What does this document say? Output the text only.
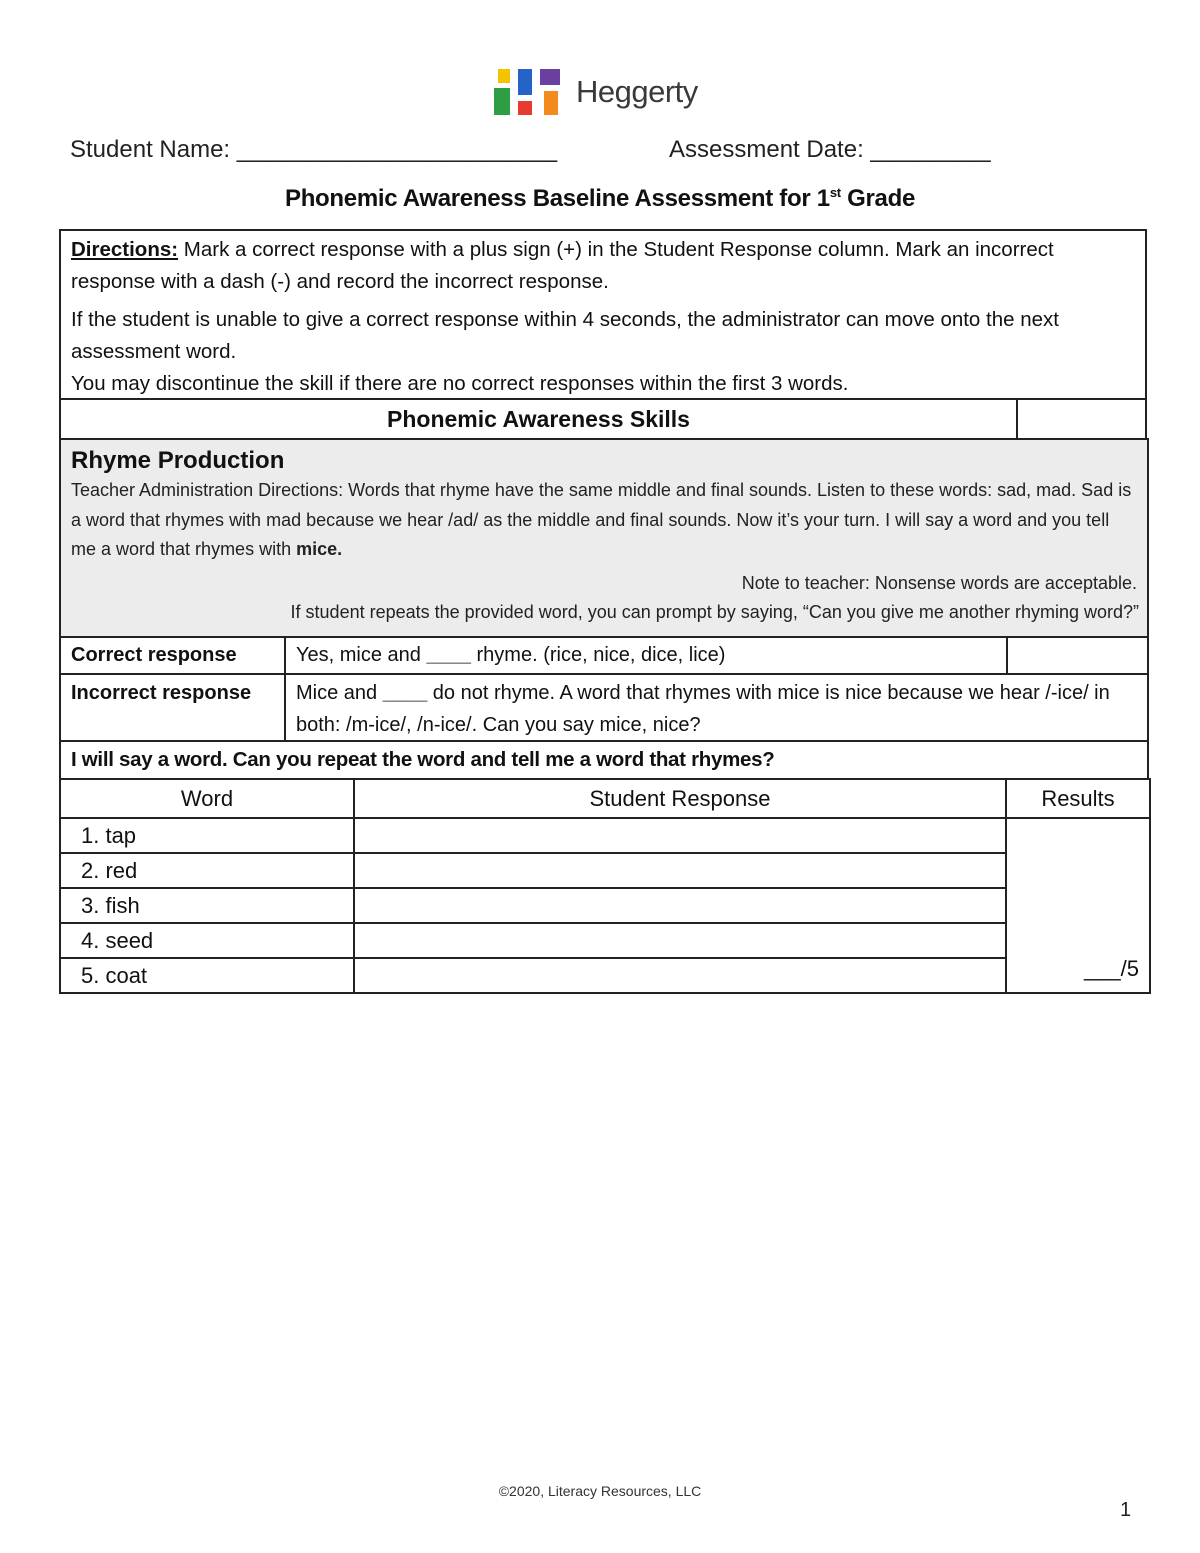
Heggerty
Student Name: ________________________	Assessment Date: _________
Phonemic Awareness Baseline Assessment for 1st Grade

Directions: Mark a correct response with a plus sign (+) in the Student Response column. Mark an incorrect response with a dash (-) and record the incorrect response.

If the student is unable to give a correct response within 4 seconds, the administrator can move onto the next assessment word.

You may discontinue the skill if there are no correct responses within the first 3 words.

Phonemic Awareness Skills
Rhyme Production
Teacher Administration Directions: Words that rhyme have the same middle and final sounds. Listen to these words: sad, mad. Sad is a word that rhymes with mad because we hear /ad/ as the middle and final sounds. Now it’s your turn. I will say a word and you tell me a word that rhymes with mice.
Note to teacher: Nonsense words are acceptable.
If student repeats the provided word, you can prompt by saying, “Can you give me another rhyming word?”
Correct response	Yes, mice and ____ rhyme. (rice, nice, dice, lice)
Incorrect response	Mice and ____ do not rhyme. A word that rhymes with mice is nice because we hear /-ice/ in both: /m-ice/, /n-ice/. Can you say mice, nice?
I will say a word. Can you repeat the word and tell me a word that rhymes?
Word	Student Response	Results
1. tap		___/5
2. red		
3. fish		
4. seed		
5. coat		
©2020, Literacy Resources, LLC
1
